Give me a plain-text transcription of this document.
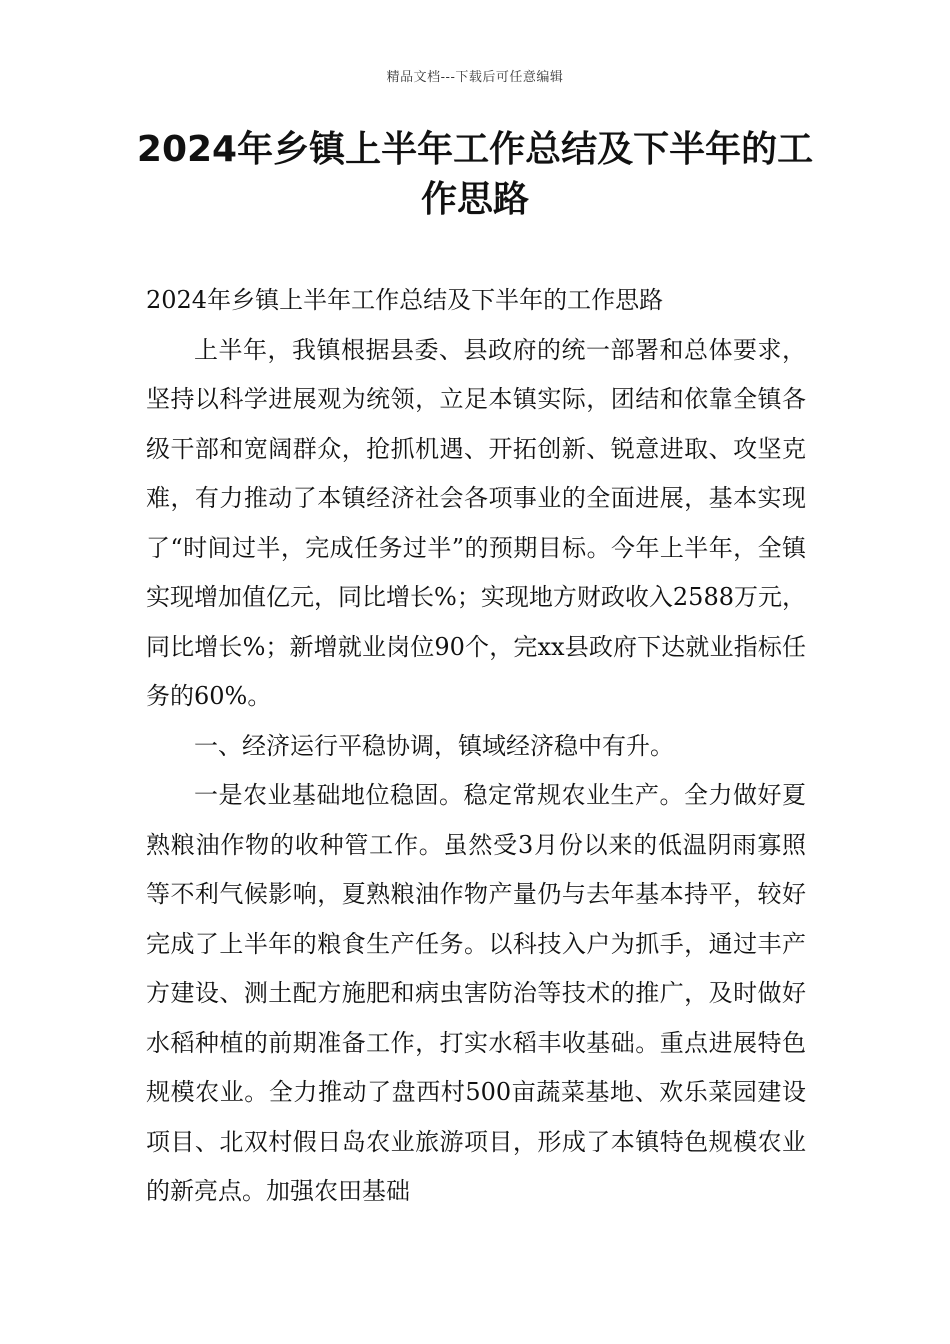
精品文档---下载后可任意编辑
2024年乡镇上半年工作总结及下半年的工作思路

2024年乡镇上半年工作总结及下半年的工作思路

上半年，我镇根据县委、县政府的统一部署和总体要求，坚持以科学进展观为统领，立足本镇实际，团结和依靠全镇各级干部和宽阔群众，抢抓机遇、开拓创新、锐意进取、攻坚克难，有力推动了本镇经济社会各项事业的全面进展，基本实现了“时间过半，完成任务过半”的预期目标。今年上半年，全镇实现增加值亿元，同比增长%；实现地方财政收入2588万元，同比增长%；新增就业岗位90个，完xx县政府下达就业指标任务的60%。

一、经济运行平稳协调，镇域经济稳中有升。

一是农业基础地位稳固。稳定常规农业生产。全力做好夏熟粮油作物的收种管工作。虽然受3月份以来的低温阴雨寡照等不利气候影响，夏熟粮油作物产量仍与去年基本持平，较好完成了上半年的粮食生产任务。以科技入户为抓手，通过丰产方建设、测土配方施肥和病虫害防治等技术的推广，及时做好水稻种植的前期准备工作，打实水稻丰收基础。重点进展特色规模农业。全力推动了盘西村500亩蔬菜基地、欢乐菜园建设项目、北双村假日岛农业旅游项目，形成了本镇特色规模农业的新亮点。加强农田基础
